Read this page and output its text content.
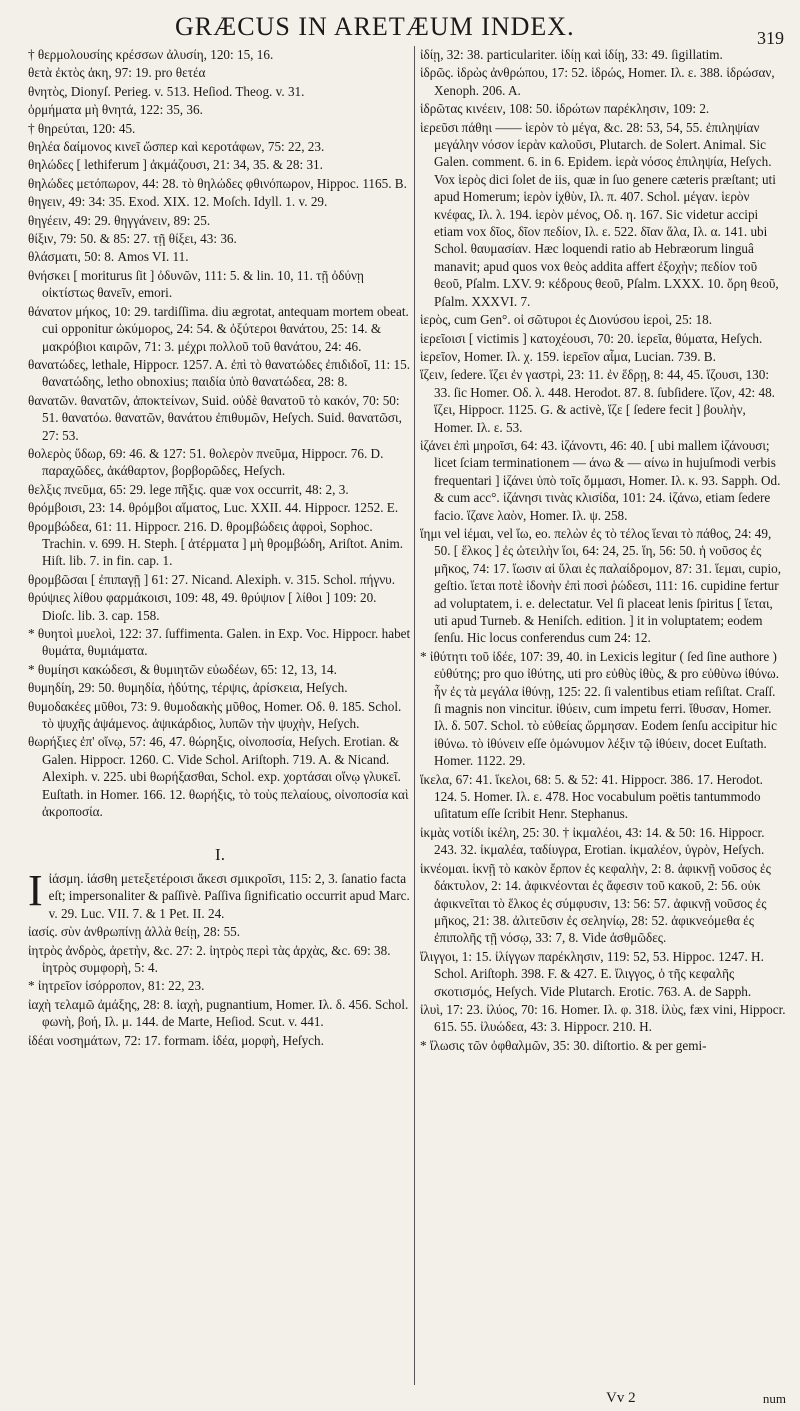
GRÆCUS IN ARETÆUM INDEX.	319

† θερμολουσίης κρέσσων ἀλυσίη, 120: 15, 16.

θετὰ ἐκτὸς ἀκη, 97: 19. pro θετέα

θνητὸς, Dionyſ. Perieg. v. 513. Heſiod. Theog. v. 31.

ὀρμήματα μὴ θνητά, 122: 35, 36.

† θηρεύται, 120: 45.

θηλέα δαίμονος κινεῖ ὥσπερ καὶ κεροτάφων, 75: 22, 23.

θηλώδες [ lethiferum ] ἀκμάζουσι, 21: 34, 35. & 28: 31.

θηλώδες μετόπωρον, 44: 28. τὸ θηλώδες φθινόπωρον, Hippoc. 1165. B.

θηγειν, 49: 34: 35. Exod. XIX. 12. Moſch. Idyll. 1. v. 29.

θηγέειν, 49: 29. θηγγάνειν, 89: 25.

θίξιν, 79: 50. & 85: 27. τῇ θίξει, 43: 36.

θλάσματι, 50: 8. Amos VI. 11.

θνήσκει [ moriturus ſit ] ὀδυνῶν, 111: 5. & lin. 10, 11. τῇ ὀδύνῃ οἰκτίστως θανεῖν, emori.

θάνατον μήκος, 10: 29. tardiſſima. diu ægrotat, antequam mortem obeat. cui opponitur ὠκύμορος, 24: 54. & ὀξύτεροι θανάτου, 25: 14. & μακρόβιοι καιρῶν, 71: 3. μέχρι πολλοῦ τοῦ θανάτου, 24: 46.

θανατώδες, lethale, Hippocr. 1257. A. ἐπὶ τὸ θανατώδες ἐπιδιδοῖ, 11: 15. θανατώδης, letho obnoxius; παιδία ὑπὸ θανατώδεα, 28: 8.

θανατῶν. θανατῶν, ἀποκτείνων, Suid. οὐδὲ θανατοῦ τὸ κακόν, 70: 50: 51. θανατόω. θανατῶν, θανάτου ἐπιθυμῶν, Heſych. Suid. θανατῶσι, 27: 53.

θολερὸς ὕδωρ, 69: 46. & 127: 51. θολερὸν πνεῦμα, Hippocr. 76. D. παραχῶδες, ἀκάθαρτον, βορβορῶδες, Heſych.

θελξις πνεῦμα, 65: 29. lege πῆξις. quæ vox occurrit, 48: 2, 3.

θρόμβοισι, 23: 14. θρόμβοι αἵματος, Luc. XXII. 44. Hippocr. 1252. E.

θρομβώδεα, 61: 11. Hippocr. 216. D. θρομβώδεις ἀφροὶ, Sophoc. Trachin. v. 699. H. Steph. [ ἀτέρματα ] μὴ θρομβώδη, Ariſtot. Anim. Hiſt. lib. 7. in fin. cap. 1.

θρομβῶσαι [ ἐπιπαγῇ ] 61: 27. Nicand. Alexiph. v. 315. Schol. πήγνυ.

θρύψιες λίθου φαρμάκοισι, 109: 48, 49. θρύψιον [ λίθοι ] 109: 20. Dioſc. lib. 3. cap. 158.

* θυητοὶ μυελοὶ, 122: 37. ſuffimenta. Galen. in Exp. Voc. Hippocr. habet θυμάτα, θυμιάματα.

* θυμίησι κακώδεσι, & θυμιητῶν εὐωδέων, 65: 12, 13, 14.

θυμηδίη, 29: 50. θυμηδία, ἡδύτης, τέρψις, ἀρίσκεια, Heſych.

θυμοδακέες μῦθοι, 73: 9. θυμοδακὴς μῦθος, Homer. Οδ. θ. 185. Schol. τὸ ψυχῆς ἀψάμενος. ἀψικάρδιος, λυπῶν τὴν ψυχὴν, Heſych.

θωρήξιες ἐπ' οἴνῳ, 57: 46, 47. θώρηξις, οἰνοποσία, Heſych. Erotian. & Galen. Hippocr. 1260. C. Vide Schol. Ariſtoph. 719. A. & Nicand. Alexiph. v. 225. ubi θωρήξασθαι, Schol. exp. χορτάσαι οἴνῳ γλυκεῖ. Euſtath. in Homer. 166. 12. θωρήξις, τὸ τοὺς πελαίους, οἰνοποσία καὶ ἀκροποσία.

I.
I ἰάσμη. ἰάσθη μετεξετέροισι ἄκεσι σμικροῖσι, 115: 2, 3. ſanatio facta eſt; impersonaliter & paſſivè. Paſſiva ſignificatio occurrit apud Marc. v. 29. Luc. VII. 7. & 1 Pet. II. 24.

ἰασίς. σὺν ἀνθρωπίνῃ ἀλλὰ θείῃ, 28: 55.

ἰητρὸς ἀνδρὸς, ἀρετὴν, &c. 27: 2. ἰητρὸς περὶ τὰς ἀρχὰς, &c. 69: 38. ἰητρὸς συμφορὴ, 5: 4.

* ἰητρεῖον ἰσόρροπον, 81: 22, 23.

ἰαχὴ τελαμῶ ἀμάξης, 28: 8. ἰαχὴ, pugnantium, Homer. Ιλ. δ. 456. Schol. φωνὴ, βοή, Ιλ. μ. 144. de Marte, Heſiod. Scut. v. 441.

ἰδέαι νοσημάτων, 72: 17. formam. ἰδέα, μορφὴ, Heſych.

ἰδίῃ, 32: 38. particulariter. ἰδίῃ καὶ ἰδίῃ, 33: 49. ſigillatim.

ἱδρῶς. ἱδρὼς ἀνθρώπου, 17: 52. ἱδρώς, Homer. Ιλ. ε. 388. ἱδρώσαν, Xenoph. 206. A.

ἱδρῶτας κινέειν, 108: 50. ἱδρώτων παρέκλησιν, 109: 2.

ἱερεῦσι πάθηι —— ἱερὸν τὸ μέγα, &c. 28: 53, 54, 55. ἐπιληψίαν μεγάλην νόσον ἱερὰν καλοῦσι, Plutarch. de Solert. Animal. Sic Galen. comment. 6. in 6. Epidem. ἱερὰ νόσος ἐπιληψία, Heſych. Vox ἱερὸς dici ſolet de iis, quæ in ſuo genere cæteris præſtant; uti apud Homerum; ἱερὸν ἰχθὺν, Ιλ. π. 407. Schol. μέγαν. ἱερὸν κνέφας, Ιλ. λ. 194. ἱερὸν μένος, Οδ. η. 167. Sic videtur accipi etiam vox δῖος, δῖον πεδίον, Ιλ. ε. 522. δῖαν ἅλα, Ιλ. α. 141. ubi Schol. θαυμασίαν. Hæc loquendi ratio ab Hebræorum linguâ manavit; apud quos vox θεὸς addita affert ἐξοχὴν; πεδίον τοῦ θεοῦ, Pſalm. LXV. 9: κέδρους θεοῦ, Pſalm. LXXX. 10. ὄρη θεοῦ, Pſalm. XXXVI. 7.

ἱερὸς, cum Gen°. οἱ σῶτυροι ἐς Διονύσου ἱεροὶ, 25: 18.

ἱερεῖοισι [ victimis ] κατοχέουσι, 70: 20. ἱερεῖα, θύματα, Heſych.

ἱερεῖον, Homer. Ιλ. χ. 159. ἱερεῖον αἷμα, Lucian. 739. B.

ἵζειν, ſedere. ἵζει ἐν γαστρὶ, 23: 11. ἐν ἕδρῃ, 8: 44, 45. ἵζουσι, 130: 33. ſic Homer. Οδ. λ. 448. Herodot. 87. 8. ſubſidere. ἵζον, 42: 48. ἵζει, Hippocr. 1125. G. & activè, ἵζε [ ſedere fecit ] βουλὴν, Homer. Ιλ. ε. 53.

ἱζάνει ἐπὶ μηροῖσι, 64: 43. ἱζάνοντι, 46: 40. [ ubi mallem ἱζάνουσι; licet ſciam terminationem — άνω & — αίνω in hujuſmodi verbis frequentari ] ἱζάνει ὑπὸ τοῖς ὄμμασι, Homer. Ιλ. κ. 93. Sapph. Od. & cum acc°. ἱζάνησι τινὰς κλισίδα, 101: 24. ἱζάνω, etiam ſedere facio. ἵζανε λαὸν, Homer. Ιλ. ψ. 258.

ἵημι vel ἱέμαι, vel ἵω, eo. πελὼν ἐς τὸ τέλος ἵεναι τὸ πάθος, 24: 49, 50. [ ἕλκος ] ἐς ὠτειλὴν ἵοι, 64: 24, 25. ἵη, 56: 50. ἡ νοῦσος ἐς μῆκος, 74: 17. ἴωσιν αἱ ὕλαι ἐς παλαίδρομον, 87: 31. ἵεμαι, cupio, geſtio. ἵεται ποτὲ ἱδονὴν ἐπὶ ποσὶ ῥώδεσι, 111: 16. cupidine fertur ad voluptatem, i. e. delectatur. Vel ſi placeat lenis ſpiritus [ ἵεται, uti apud Turneb. & Heniſch. edition. ] it in voluptatem; eodem ſenſu. Hic locus conferendus cum 24: 12.

* ἰθύτητι τοῦ ἰδέε, 107: 39, 40. in Lexicis legitur ( ſed ſine authore ) εὐθύτης; pro quo ἰθύτης, uti pro εὐθὺς ἰθὺς, & pro εὐθὺνω ἰθύνω. ἦν ἐς τὰ μεγάλα ἰθύνῃ, 125: 22. ſi valentibus etiam reſiſtat. Craſſ. ſi magnis non vincitur. ἰθύειν, cum impetu ferri. ἴθυσαν, Homer. Ιλ. δ. 507. Schol. τὸ εὐθείας ὥρμησαν. Eodem ſenſu accipitur hic ἰθύνω. τὸ ἰθύνειν eſſe ὁμώνυμον λέξιν τῷ ἰθύειν, docet Euſtath. Homer. 1122. 29.

ἵκελα, 67: 41. ἵκελοι, 68: 5. & 52: 41. Hippocr. 386. 17. Herodot. 124. 5. Homer. Ιλ. ε. 478. Hoc vocabulum poëtis tantummodo uſitatum eſſe ſcribit Henr. Stephanus.

ἰκμὰς νοτίδι ἰκέλη, 25: 30. † ἰκμαλέοι, 43: 14. & 50: 16. Hippocr. 243. 32. ἰκμαλέα, ταδίυγρα, Erotian. ἰκμαλέον, ὑγρὸν, Heſych.

ἱκνέομαι. ἱκνῇ τὸ κακὸν ἔρπον ἐς κεφαλὴν, 2: 8. ἀφικνῇ νοῦσος ἐς δάκτυλον, 2: 14. ἀφικνέονται ἐς ἄφεσιν τοῦ κακοῦ, 2: 56. οὐκ ἀφικνεῖται τὸ ἕλκος ἐς σύμφυσιν, 13: 56: 57. ἀφικνῇ νοῦσος ἐς μῆκος, 21: 38. ἀλιτεῦσιν ἐς σεληνίῳ, 28: 52. ἀφικνεόμεθα ἐς ἐπιπολῆς τῇ νόσῳ, 33: 7, 8. Vide ἀσθμῶδες.

ἴλιγγοι, 1: 15. ἰλίγγων παρέκλησιν, 119: 52, 53. Hippoc. 1247. H. Schol. Ariſtoph. 398. F. & 427. E. ἴλιγγος, ὁ τῆς κεφαλῆς σκοτισμός, Heſych. Vide Plutarch. Erotic. 763. A. de Sapph.

ἰλυὶ, 17: 23. ἰλύος, 70: 16. Homer. Ιλ. φ. 318. ἰλὺς, fæx vini, Hippocr. 615. 55. ἰλυώδεα, 43: 3. Hippocr. 210. H.

* ἴλωσις τῶν ὀφθαλμῶν, 35: 30. diſtortio. & per gemi-

Vv 2	num
